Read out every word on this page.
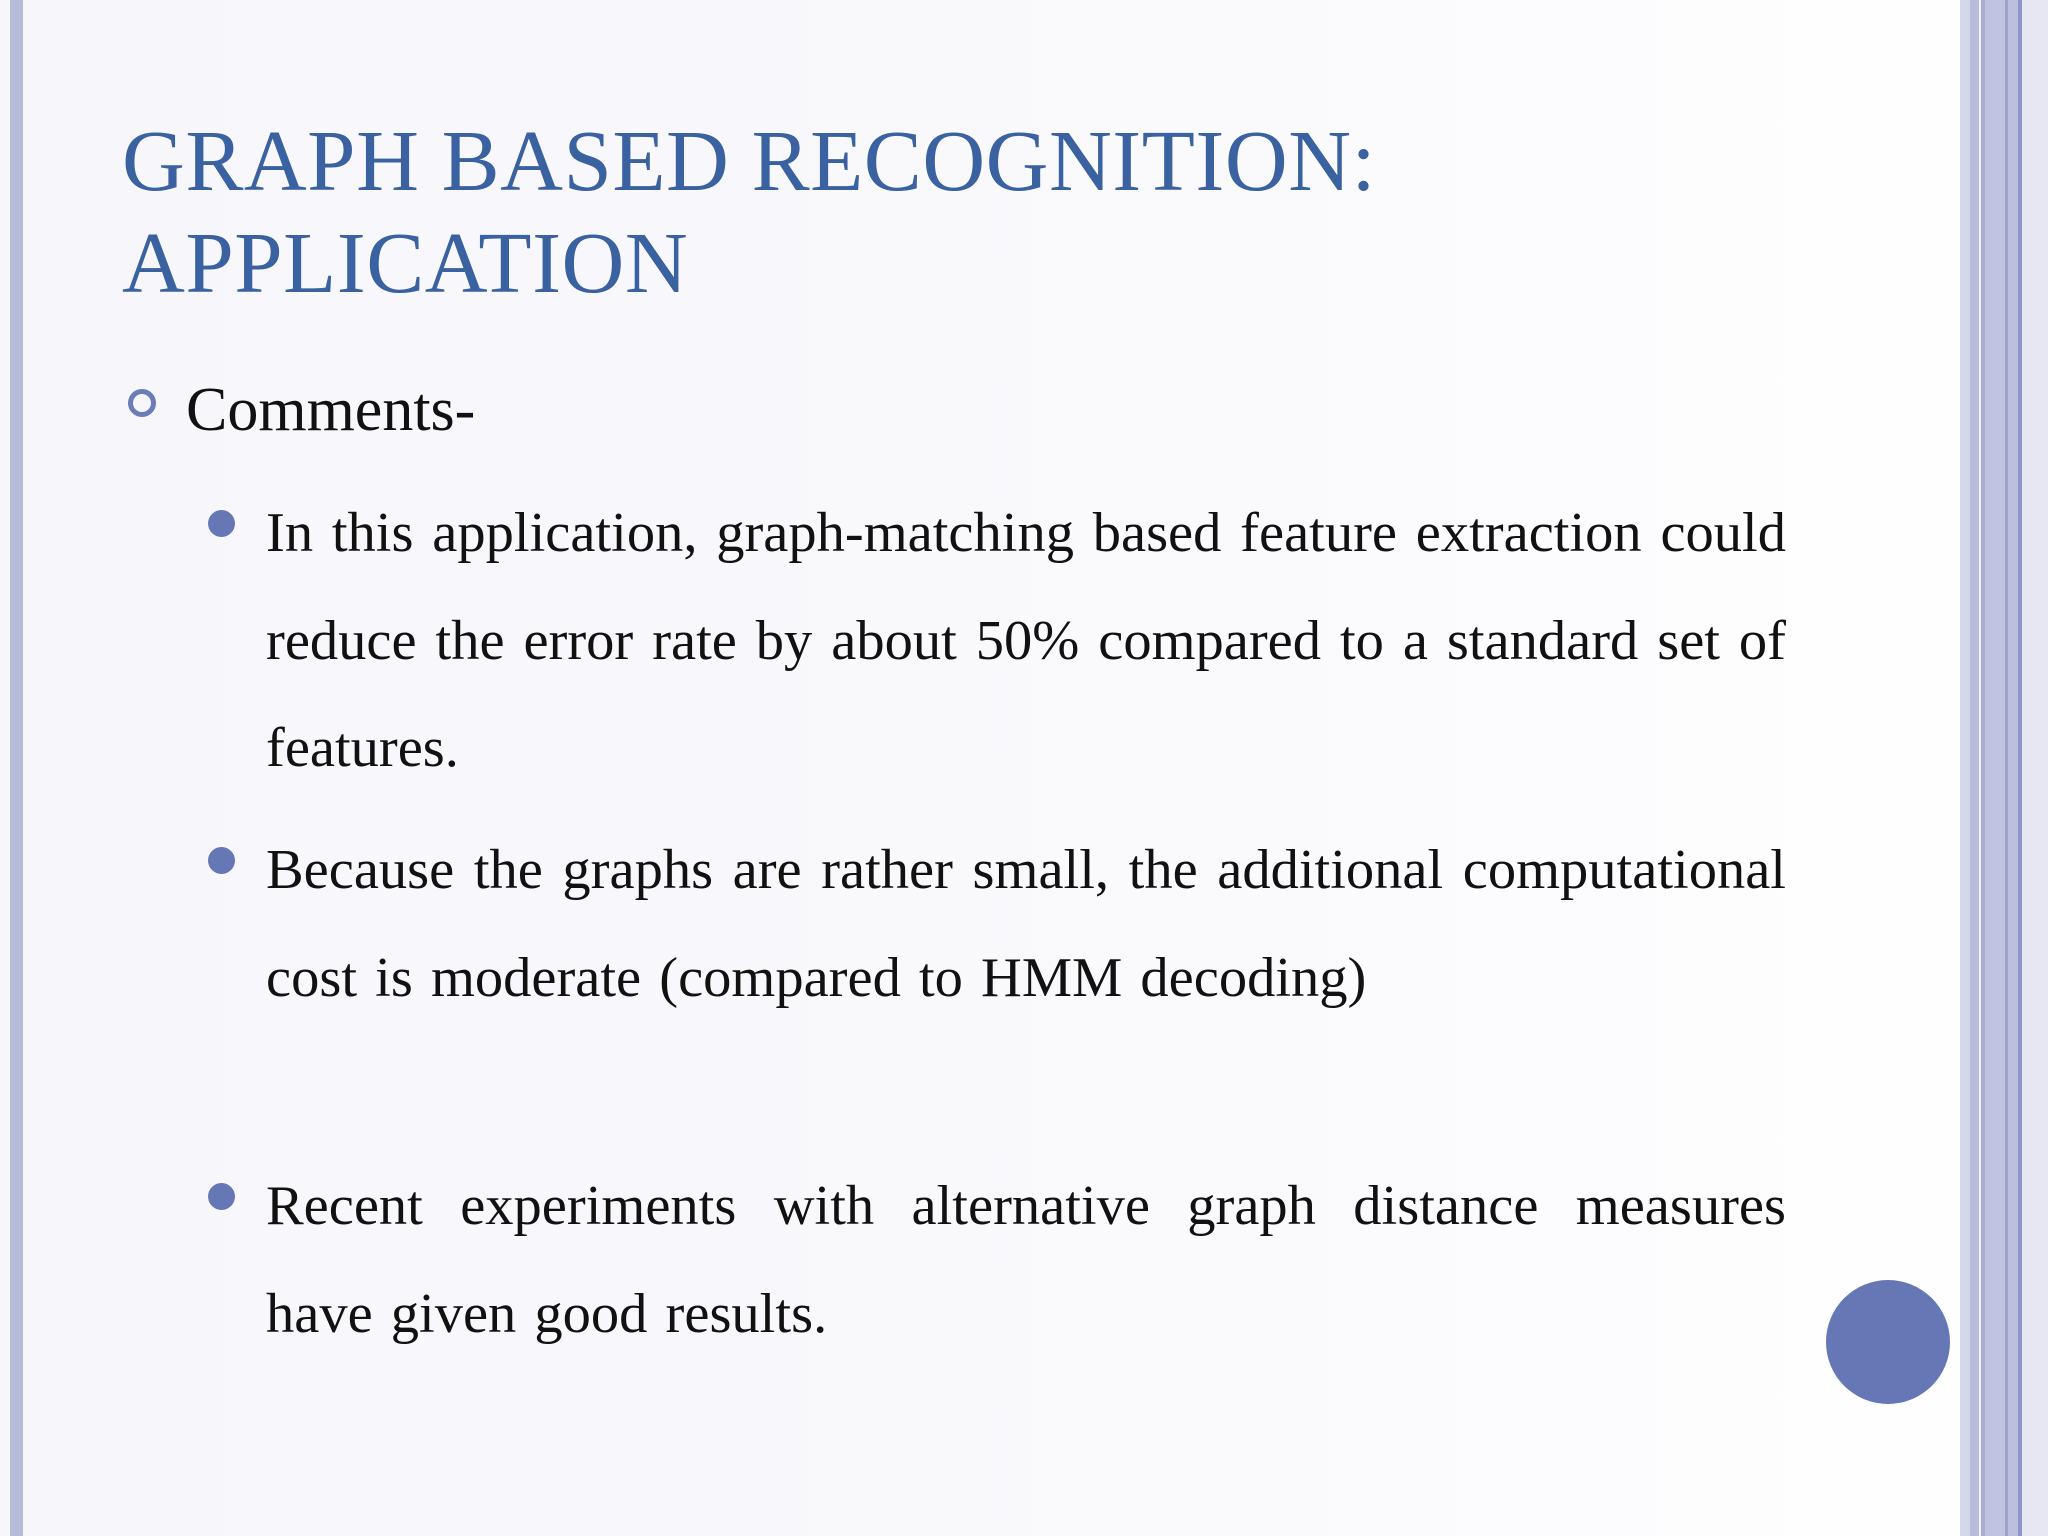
GRAPH BASED RECOGNITION:
APPLICATION
Comments-
In this application, graph-matching based feature extraction could reduce the error rate by about 50% compared to a standard set of features.
Because the graphs are rather small, the additional computational cost is moderate (compared to HMM decoding)
Recent experiments with alternative graph distance measures have given good results.
